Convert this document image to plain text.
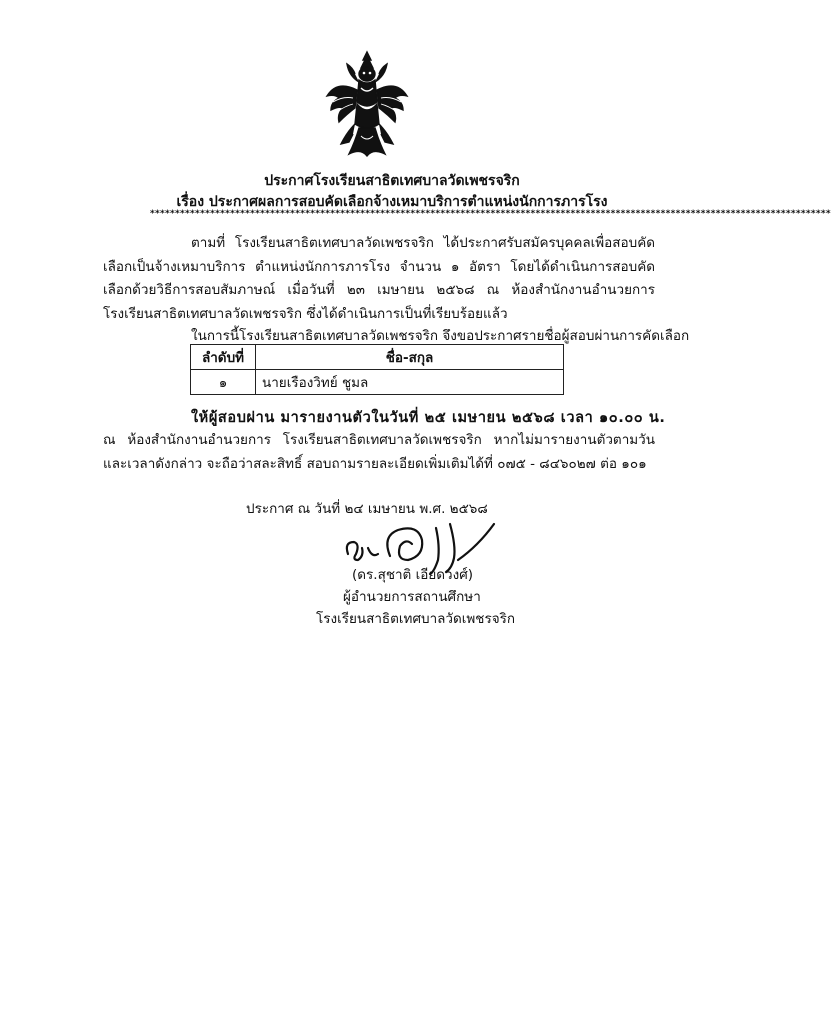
ประกาศโรงเรียนสาธิตเทศบาลวัดเพชรจริก
เรื่อง ประกาศผลการสอบคัดเลือกจ้างเหมาบริการตำแหน่งนักการภารโรง
****************************************************************************************************************************************
ตามที่ โรงเรียนสาธิตเทศบาลวัดเพชรจริก ได้ประกาศรับสมัครบุคคลเพื่อสอบคัดเลือกเป็นจ้างเหมาบริการ ตำแหน่งนักการภารโรง จำนวน ๑ อัตรา โดยได้ดำเนินการสอบคัดเลือกด้วยวิธีการสอบสัมภาษณ์ เมื่อวันที่ ๒๓ เมษายน ๒๕๖๘ ณ ห้องสำนักงานอำนวยการ โรงเรียนสาธิตเทศบาลวัดเพชรจริก ซึ่งได้ดำเนินการเป็นที่เรียบร้อยแล้ว
ในการนี้โรงเรียนสาธิตเทศบาลวัดเพชรจริก จึงขอประกาศรายชื่อผู้สอบผ่านการคัดเลือก
ลำดับที่	ชื่อ-สกุล
๑	นายเรืองวิทย์ ชูมล
ให้ผู้สอบผ่าน มารายงานตัวในวันที่ ๒๕ เมษายน ๒๕๖๘ เวลา ๑๐.๐๐ น.
ณ ห้องสำนักงานอำนวยการ โรงเรียนสาธิตเทศบาลวัดเพชรจริก หากไม่มารายงานตัวตามวันและเวลาดังกล่าว จะถือว่าสละสิทธิ์ สอบถามรายละเอียดเพิ่มเติมได้ที่ ๐๗๕ - ๘๔๖๐๒๗ ต่อ ๑๐๑
ประกาศ ณ วันที่ ๒๔ เมษายน พ.ศ. ๒๕๖๘
(ดร.สุชาติ เอียดวงศ์)
ผู้อำนวยการสถานศึกษา
โรงเรียนสาธิตเทศบาลวัดเพชรจริก
